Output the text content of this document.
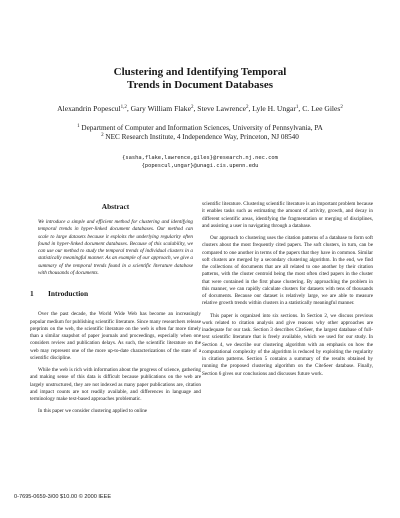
Clustering and Identifying Temporal
Trends in Document Databases
Alexandrin Popescul$^{1,2}$, Gary William Flake$^2$, Steve Lawrence$^2$, Lyle H. Ungar$^1$, C. Lee Giles$^2$
$^1$ Department of Computer and Information Sciences, University of Pennsylvania, PA
$^2$ NEC Research Institute, 4 Independence Way, Princeton, NJ 08540
{sasha,flake,lawrence,giles}@research.nj.nec.com
{popescul,ungar}@unagi.cis.upenn.edu
Abstract

We introduce a simple and efficient method for clustering and identifying temporal trends in hyper-linked document databases. Our method can scale to large datasets because it exploits the underlying regularity often found in hyper-linked document databases. Because of this scalability, we can use our method to study the temporal trends of individual clusters in a statistically meaningful manner. As an example of our approach, we give a summary of the temporal trends found in a scientific literature database with thousands of documents.

1 Introduction

Over the past decade, the World Wide Web has become an increasingly popular medium for publishing scientific literature. Since many researchers release preprints on the web, the scientific literature on the web is often far more timely than a similar snapshot of paper journals and proceedings, especially when one considers review and publication delays. As such, the scientific literature on the web may represent one of the more up-to-date characterizations of the state of a scientific discipline.

While the web is rich with information about the progress of science, gathering and making sense of this data is difficult because publications on the web are largely unstructured, they are not indexed as many paper publications are, citation and impact counts are not readily available, and differences in language and terminology make text-based approaches problematic.

In this paper we consider clustering applied to online

scientific literature. Clustering scientific literature is an important problem because it enables tasks such as estimating the amount of activity, growth, and decay in different scientific areas, identifying the fragmentation or merging of disciplines, and assisting a user in navigating through a database.

Our approach to clustering uses the citation patterns of a database to form soft clusters about the most frequently cited papers. The soft clusters, in turn, can be compared to one another in terms of the papers that they have in common. Similar soft clusters are merged by a secondary clustering algorithm. In the end, we find the collections of documents that are all related to one another by their citation patterns, with the cluster centroid being the most often cited papers in the cluster that were contained in the first phase clustering. By approaching the problem in this manner, we can rapidly calculate clusters for datasets with tens of thousands of documents. Because our dataset is relatively large, we are able to measure relative growth trends within clusters in a statistically meaningful manner.

This paper is organized into six sections. In Section 2, we discuss previous work related to citation analysis and give reasons why other approaches are inadequate for our task. Section 3 describes CiteSeer, the largest database of full-text scientific literature that is freely available, which we used for our study. In Section 4, we describe our clustering algorithm with an emphasis on how the computational complexity of the algorithm is reduced by exploiting the regularity in citation patterns. Section 5 contains a summary of the results obtained by running the proposed clustering algorithm on the CiteSeer database. Finally, Section 6 gives our conclusions and discusses future work.

0-7695-0659-3/00 $10.00 © 2000 IEEE
